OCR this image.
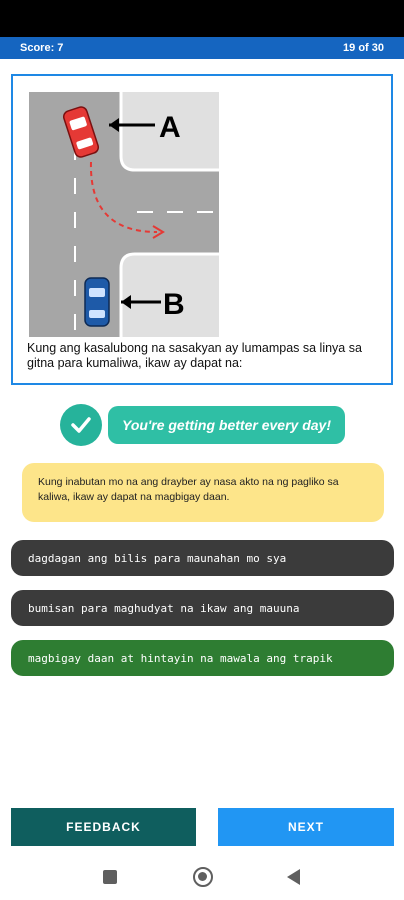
Score: 7	19 of 30
A
B
Kung ang kasalubong na sasakyan ay lumampas sa linya sa gitna para kumaliwa, ikaw ay dapat na:
You're getting better every day!
Kung inabutan mo na ang drayber ay nasa akto na ng pagliko sa kaliwa, ikaw ay dapat na magbigay daan.
dagdagan ang bilis para maunahan mo sya
bumisan para maghudyat na ikaw ang mauuna
magbigay daan at hintayin na mawala ang trapik
FEEDBACK	NEXT
